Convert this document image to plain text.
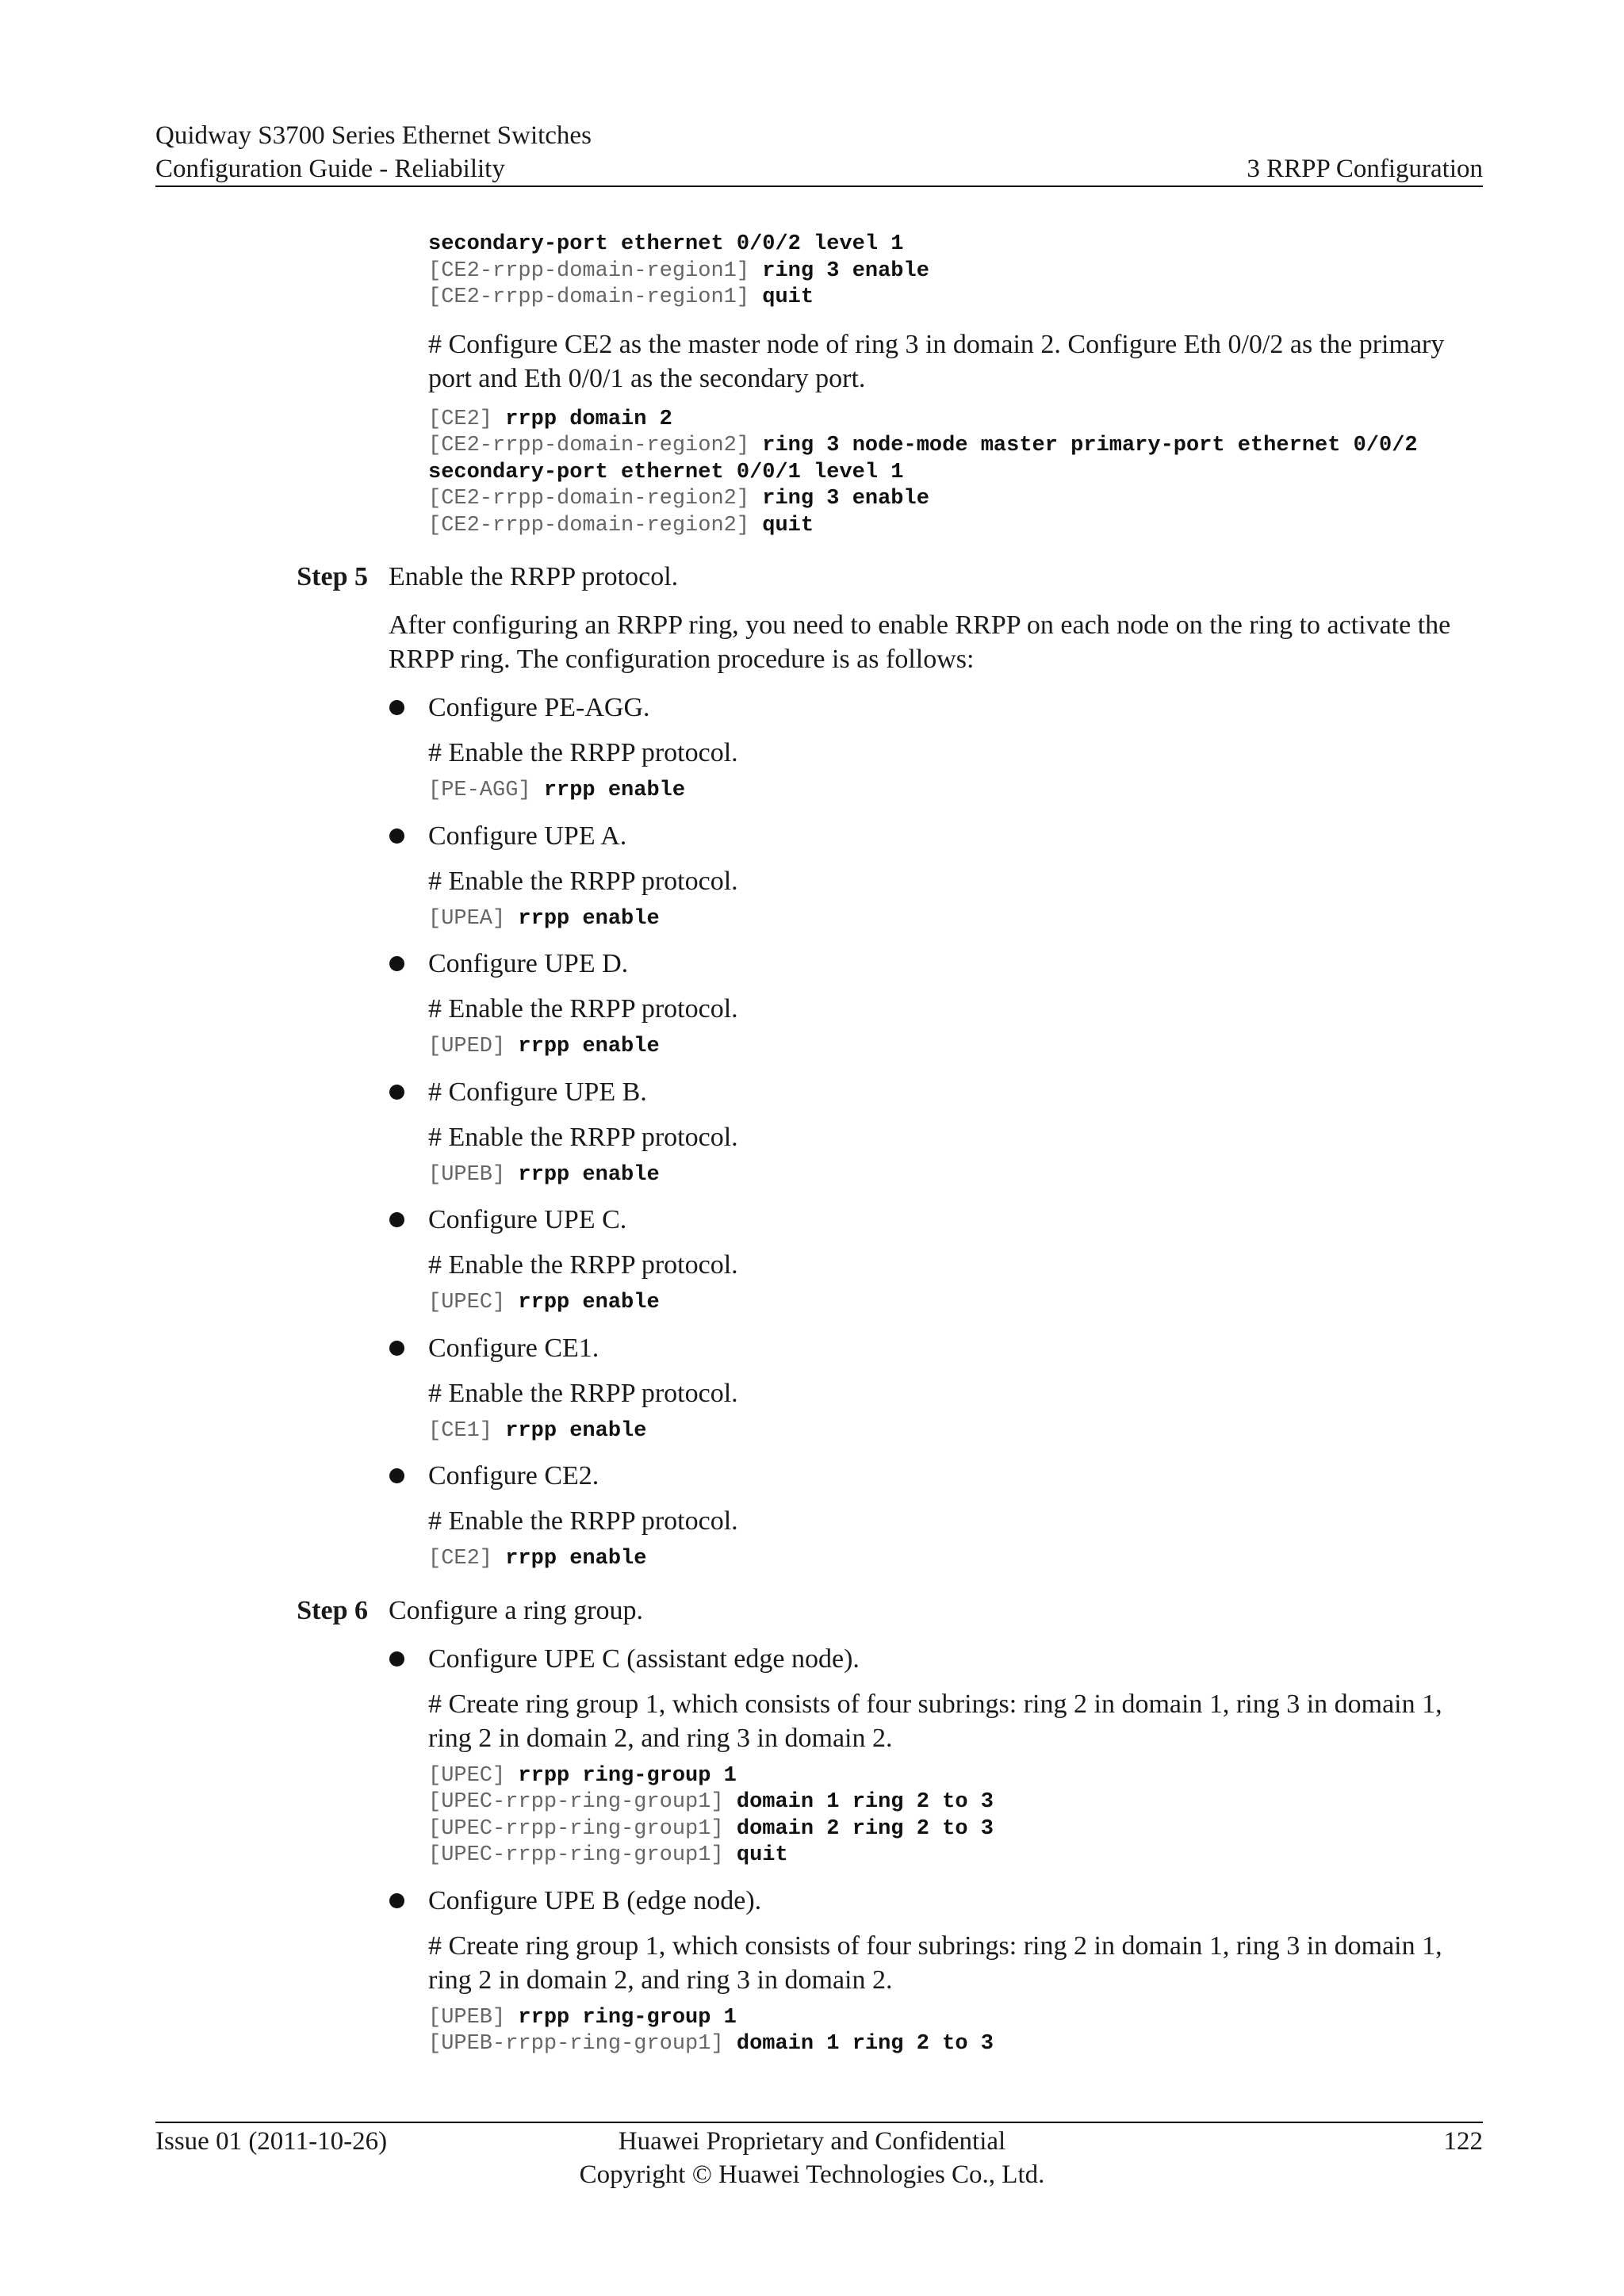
Quidway S3700 Series Ethernet Switches
Configuration Guide - Reliability	3 RRPP Configuration
secondary-port ethernet 0/0/2 level 1
[CE2-rrpp-domain-region1] ring 3 enable
[CE2-rrpp-domain-region1] quit
# Configure CE2 as the master node of ring 3 in domain 2. Configure Eth 0/0/2 as the primary port and Eth 0/0/1 as the secondary port.
[CE2] rrpp domain 2
[CE2-rrpp-domain-region2] ring 3 node-mode master primary-port ethernet 0/0/2
secondary-port ethernet 0/0/1 level 1
[CE2-rrpp-domain-region2] ring 3 enable
[CE2-rrpp-domain-region2] quit
Step 5 Enable the RRPP protocol.
After configuring an RRPP ring, you need to enable RRPP on each node on the ring to activate the RRPP ring. The configuration procedure is as follows:
Configure PE-AGG.
# Enable the RRPP protocol.
[PE-AGG] rrpp enable
Configure UPE A.
# Enable the RRPP protocol.
[UPEA] rrpp enable
Configure UPE D.
# Enable the RRPP protocol.
[UPED] rrpp enable
# Configure UPE B.
# Enable the RRPP protocol.
[UPEB] rrpp enable
Configure UPE C.
# Enable the RRPP protocol.
[UPEC] rrpp enable
Configure CE1.
# Enable the RRPP protocol.
[CE1] rrpp enable
Configure CE2.
# Enable the RRPP protocol.
[CE2] rrpp enable
Step 6 Configure a ring group.
Configure UPE C (assistant edge node).
# Create ring group 1, which consists of four subrings: ring 2 in domain 1, ring 3 in domain 1, ring 2 in domain 2, and ring 3 in domain 2.
[UPEC] rrpp ring-group 1
[UPEC-rrpp-ring-group1] domain 1 ring 2 to 3
[UPEC-rrpp-ring-group1] domain 2 ring 2 to 3
[UPEC-rrpp-ring-group1] quit
Configure UPE B (edge node).
# Create ring group 1, which consists of four subrings: ring 2 in domain 1, ring 3 in domain 1, ring 2 in domain 2, and ring 3 in domain 2.
[UPEB] rrpp ring-group 1
[UPEB-rrpp-ring-group1] domain 1 ring 2 to 3
Issue 01 (2011-10-26)	Huawei Proprietary and Confidential
Copyright © Huawei Technologies Co., Ltd.
122
